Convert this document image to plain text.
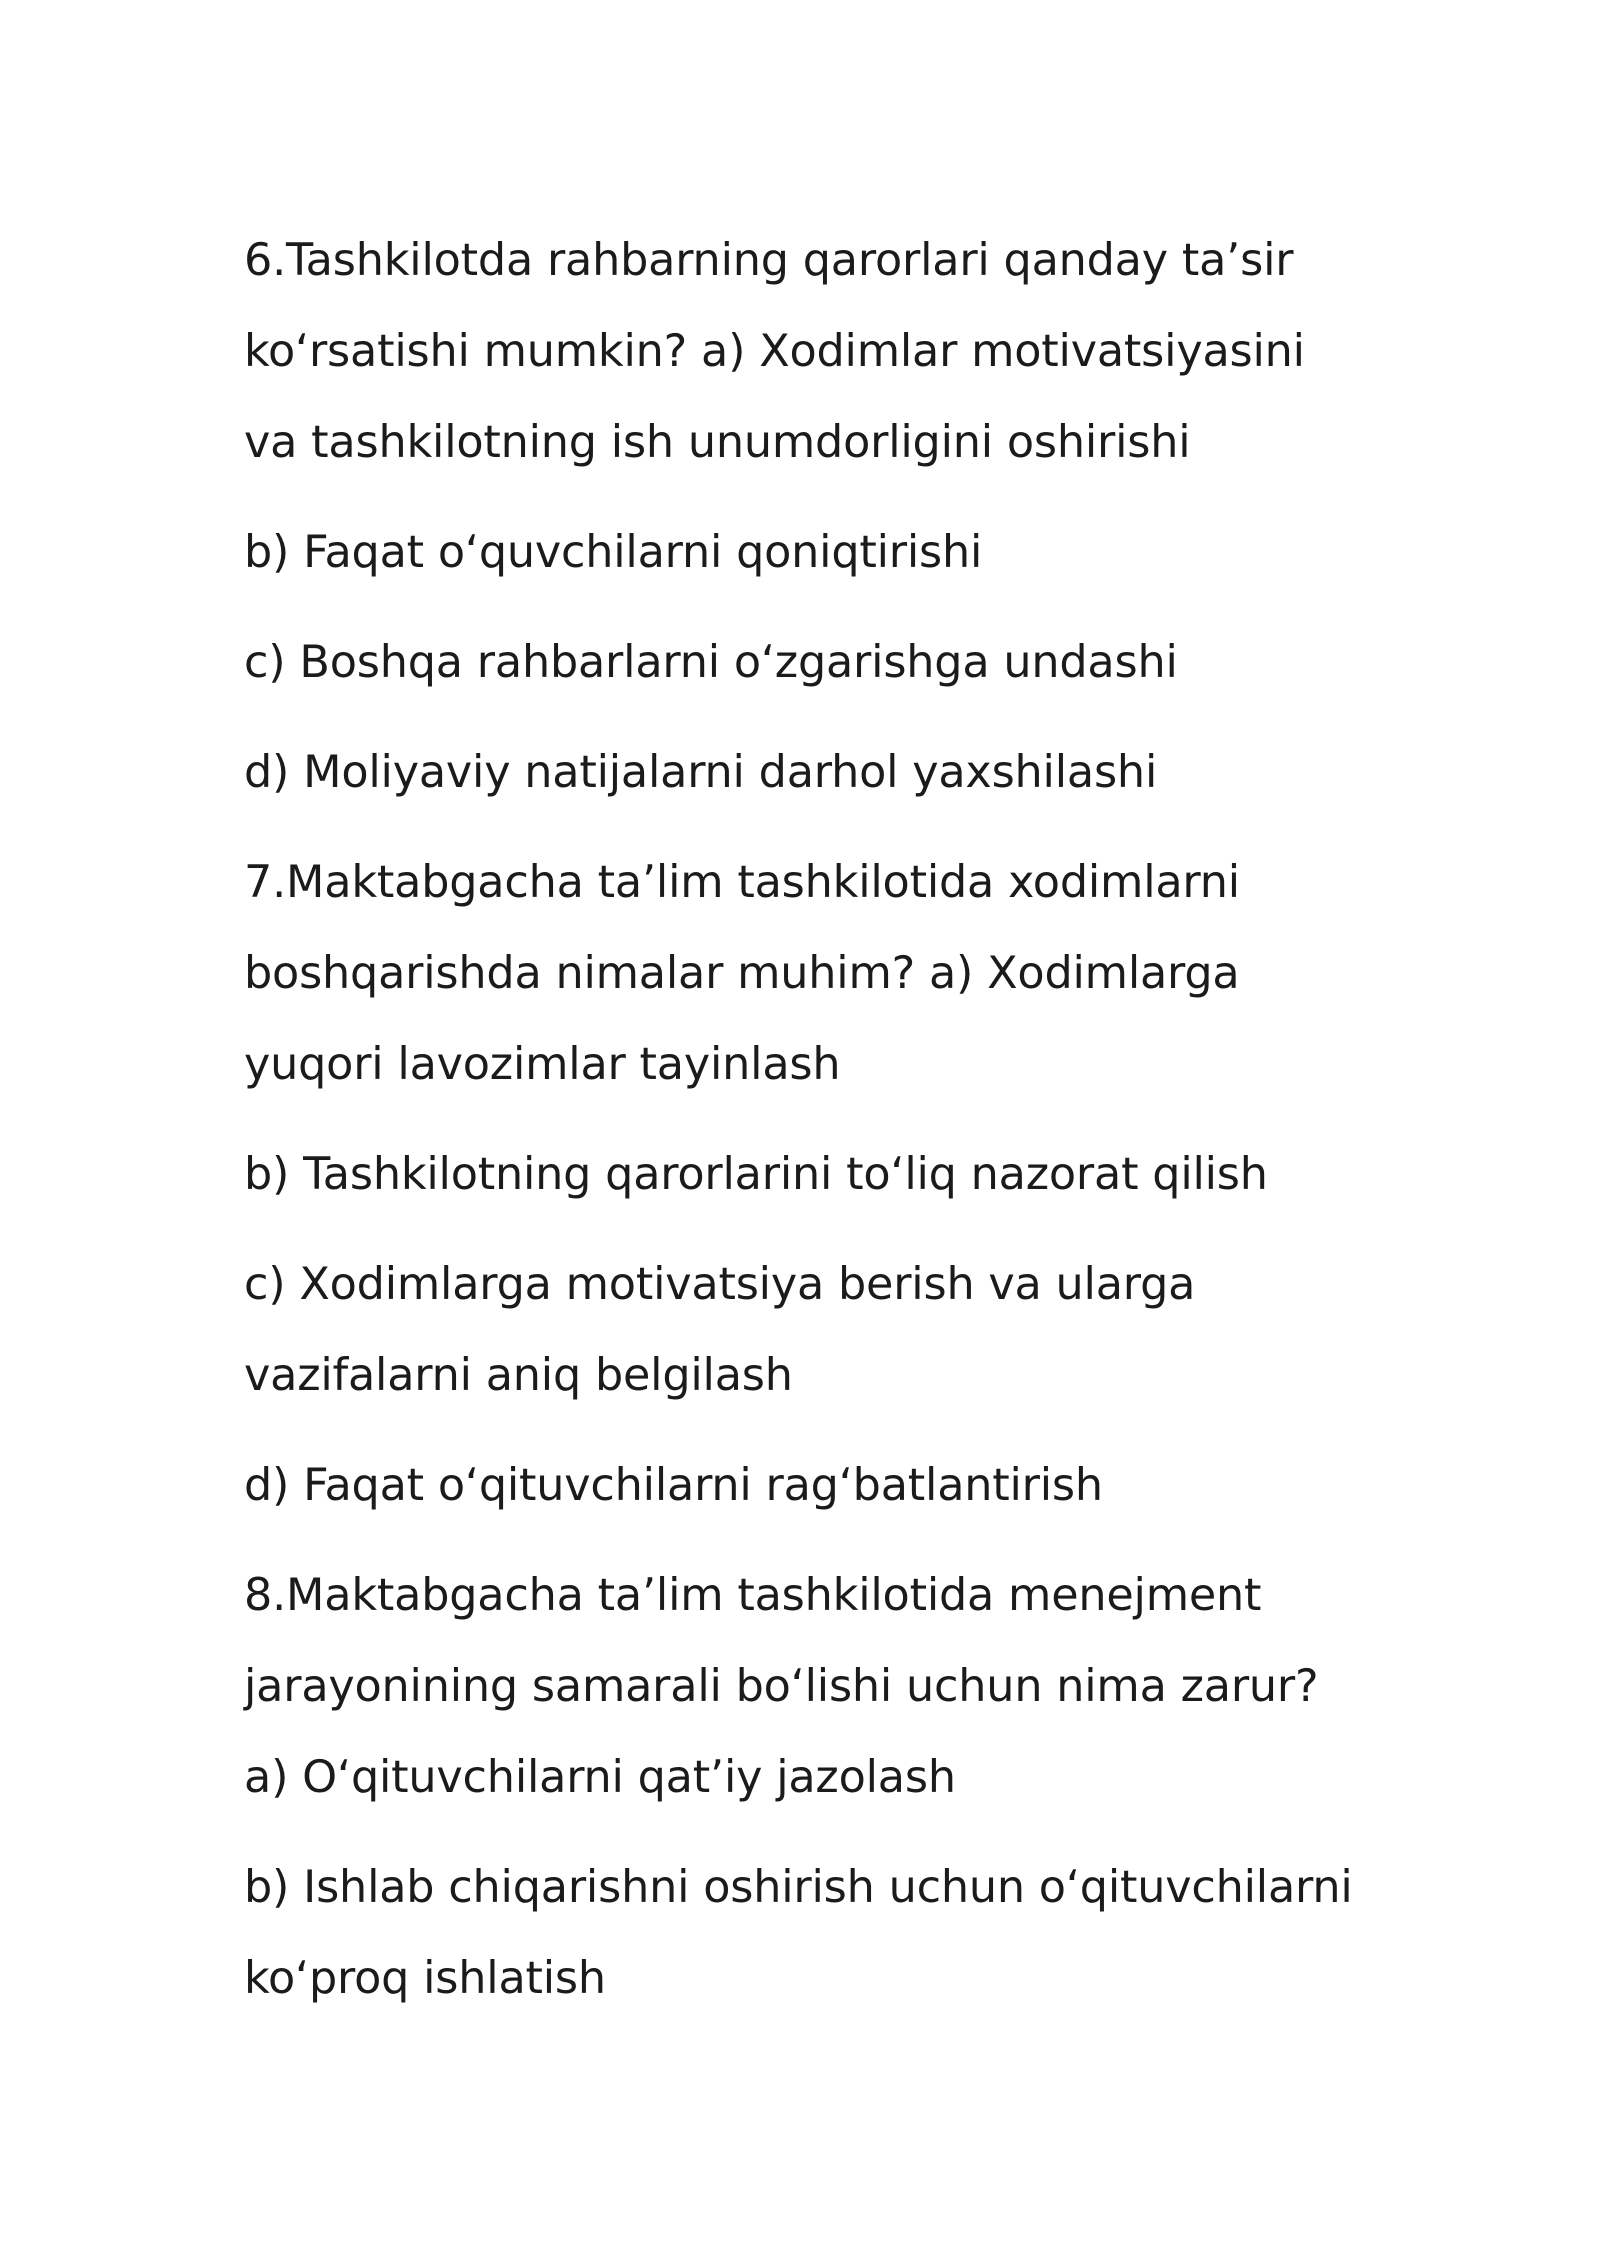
6.Tashkilotda rahbarning qarorlari qanday ta’sir ko‘rsatishi mumkin? a) Xodimlar motivatsiyasini va tashkilotning ish unumdorligini oshirishi

b) Faqat o‘quvchilarni qoniqtirishi

c) Boshqa rahbarlarni o‘zgarishga undashi

d) Moliyaviy natijalarni darhol yaxshilashi

7.Maktabgacha ta’lim tashkilotida xodimlarni boshqarishda nimalar muhim? a) Xodimlarga yuqori lavozimlar tayinlash

b) Tashkilotning qarorlarini to‘liq nazorat qilish

c) Xodimlarga motivatsiya berish va ularga vazifalarni aniq belgilash

d) Faqat o‘qituvchilarni rag‘batlantirish

8.Maktabgacha ta’lim tashkilotida menejment jarayonining samarali bo‘lishi uchun nima zarur? a) O‘qituvchilarni qat’iy jazolash

b) Ishlab chiqarishni oshirish uchun o‘qituvchilarni ko‘proq ishlatish
